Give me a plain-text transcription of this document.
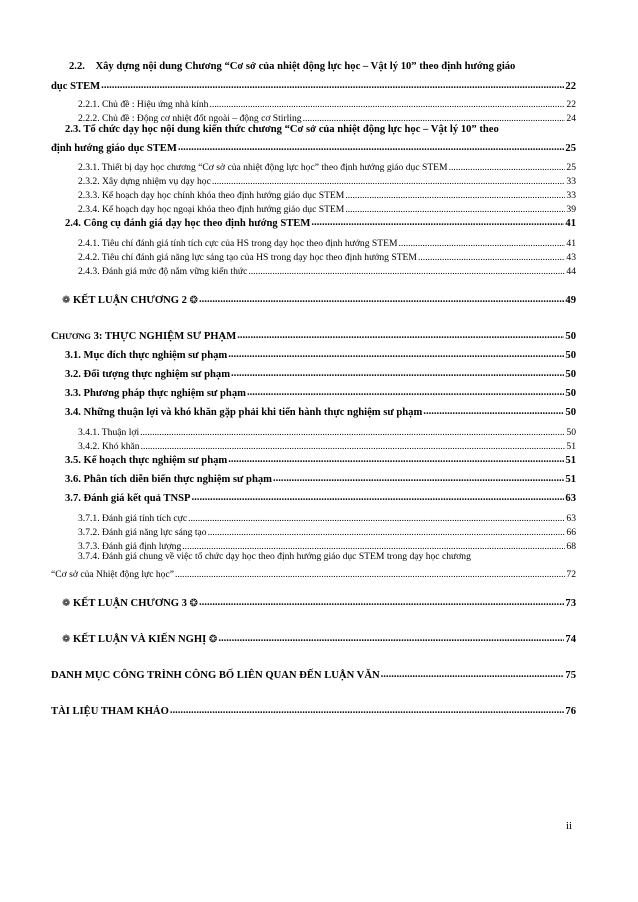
2.2.    Xây dựng nội dung Chương “Cơ sở của nhiệt động lực học – Vật lý 10” theo định hướng giáo
dục STEM .....	22
2.2.1. Chủ đề : Hiệu ứng nhà kính .....	22
2.2.2. Chủ đề : Động cơ nhiệt đốt ngoài – động cơ Stirling .....	24
2.3. Tổ chức dạy học nội dung kiến thức chương “Cơ sở của nhiệt động lực học – Vật lý 10” theo
định hướng giáo dục STEM .....	25
2.3.1. Thiết bị dạy học chương “Cơ sở của nhiệt động lực học” theo định hướng giáo dục STEM .....	25
2.3.2. Xây dựng nhiệm vụ dạy học .....	33
2.3.3. Kế hoạch dạy học chính khóa theo định hướng giáo dục STEM .....	33
2.3.4. Kế hoạch dạy học ngoại khóa theo định hướng giáo dục STEM .....	39
2.4. Công cụ đánh giá dạy học theo định hướng STEM .....	41
2.4.1. Tiêu chí đánh giá tính tích cực của HS trong dạy học theo định hướng STEM .....	41
2.4.2. Tiêu chí đánh giá năng lực sáng tạo của HS trong dạy học theo định hướng STEM .....	43
2.4.3. Đánh giá mức độ nắm vững kiến thức .....	44
❁ KẾT LUẬN CHƯƠNG 2 ❂ .....	49
CHƯƠNG 3: THỰC NGHIỆM SƯ PHẠM .....	50
3.1. Mục đích thực nghiệm sư phạm .....	50
3.2. Đối tượng thực nghiệm sư phạm .....	50
3.3. Phương pháp thực nghiệm sư phạm .....	50
3.4. Những thuận lợi và khó khăn gặp phải khi tiến hành thực nghiệm sư phạm .....	50
3.4.1. Thuận lợi .....	50
3.4.2. Khó khăn .....	51
3.5. Kế hoạch thực nghiệm sư phạm .....	51
3.6. Phân tích diễn biến thực nghiệm sư phạm .....	51
3.7. Đánh giá kết quả TNSP .....	63
3.7.1. Đánh giá tính tích cực .....	63
3.7.2. Đánh giá năng lực sáng tạo .....	66
3.7.3. Đánh giá định lượng .....	68
3.7.4. Đánh giá chung về việc tổ chức dạy học theo định hướng giáo dục STEM trong dạy học chương
“Cơ sở của Nhiệt động lực học” .....	72
❁ KẾT LUẬN CHƯƠNG 3 ❂ .....	73
❁ KẾT LUẬN VÀ KIẾN NGHỊ ❂ .....	74
DANH MỤC CÔNG TRÌNH CÔNG BỐ LIÊN QUAN ĐẾN LUẬN VĂN .....	75
TÀI LIỆU THAM KHẢO .....	76
ii
